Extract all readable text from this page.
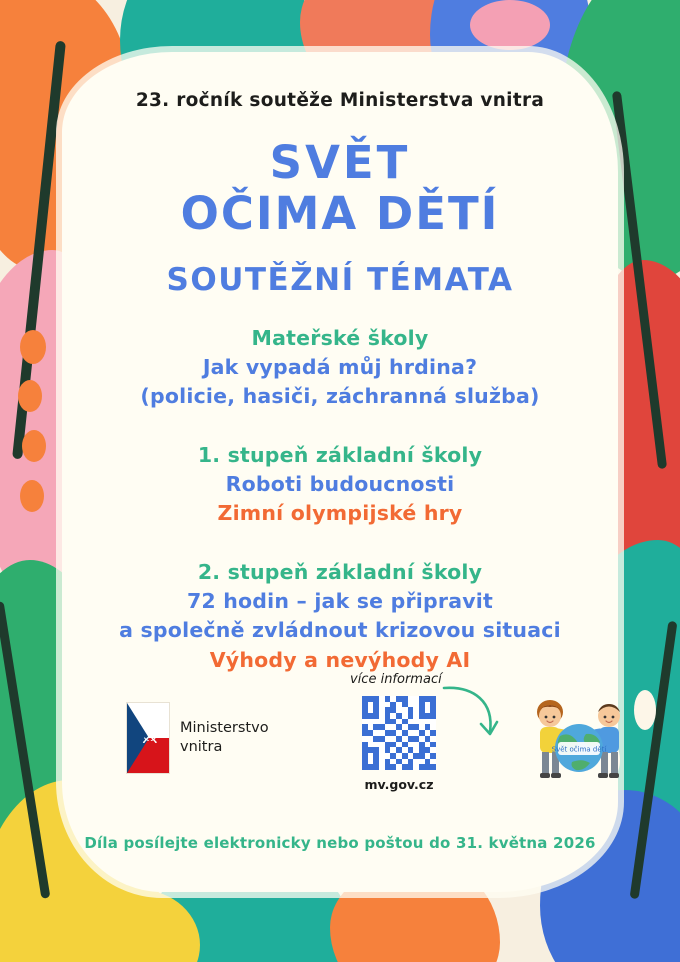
23. ročník soutěže Ministerstva vnitra
SVĚT
OČIMA DĚTÍ
SOUTĚŽNÍ TÉMATA
Mateřské školy
Jak vypadá můj hrdina?
(policie, hasiči, záchranná služba)
1. stupeň základní školy
Roboti budoucnosti
Zimní olympijské hry
2. stupeň základní školy
72 hodin – jak se připravit
a společně zvládnout krizovou situaci
Výhody a nevýhody AI
⚔ Ministerstvo
vnitra
více informací
mv.gov.cz
Svět očima dětí
Díla posílejte elektronicky nebo poštou do 31. května 2026
